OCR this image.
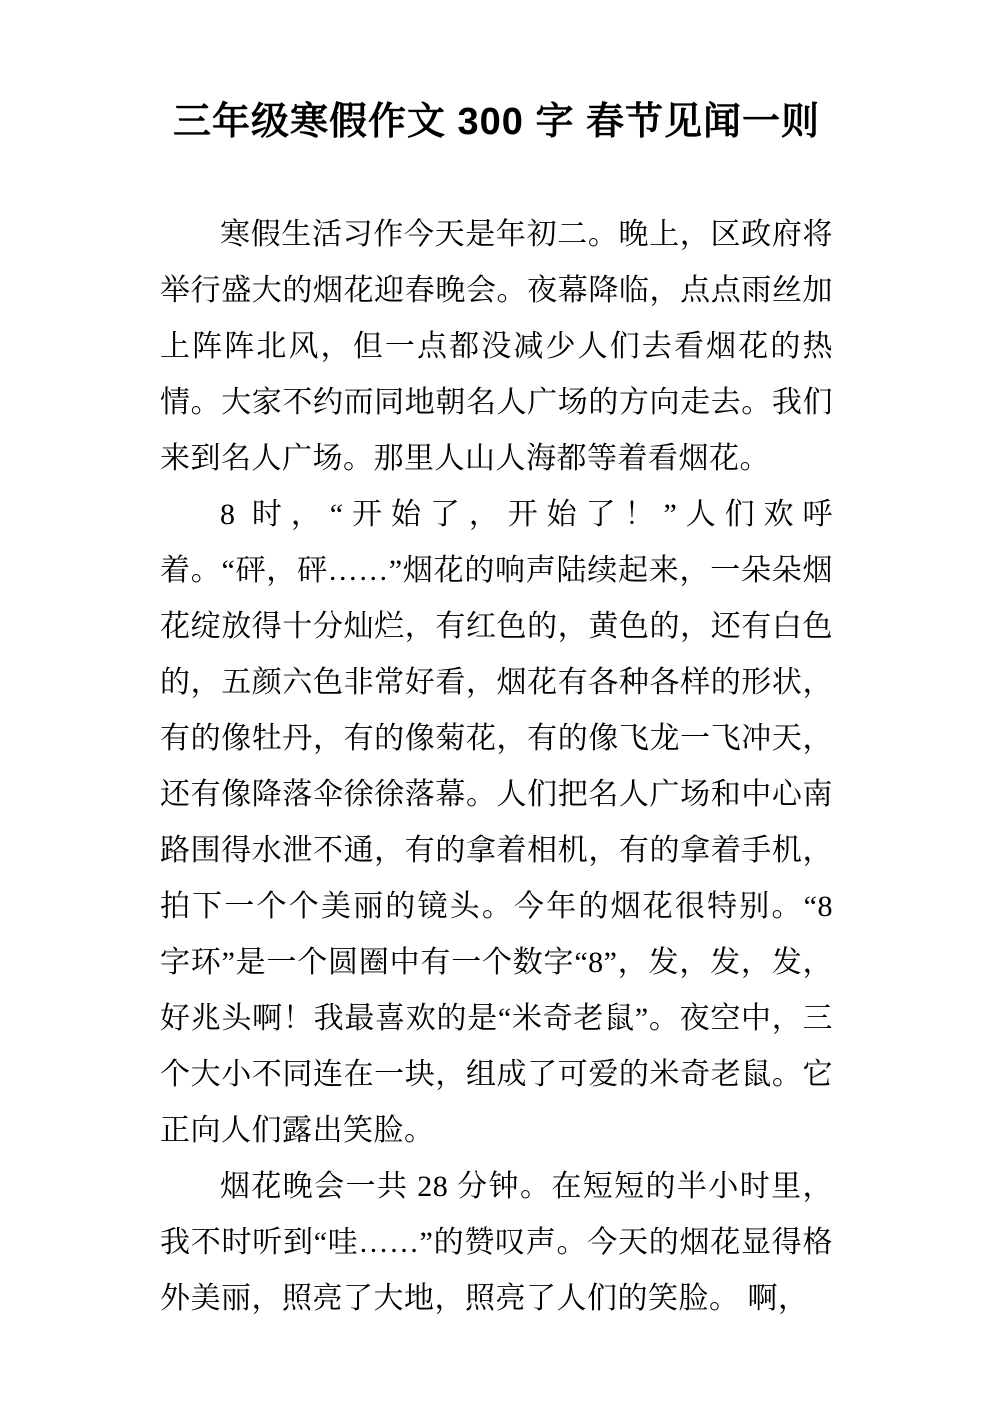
三年级寒假作文 300 字 春节见闻一则

寒假生活习作今天是年初二。晚上，区政府将举行盛大的烟花迎春晚会。夜幕降临，点点雨丝加上阵阵北风，但一点都没减少人们去看烟花的热情。大家不约而同地朝名人广场的方向走去。我们来到名人广场。那里人山人海都等着看烟花。

8 时，“开始了，开始了！”人们欢呼着。“砰，砰……”烟花的响声陆续起来，一朵朵烟花绽放得十分灿烂，有红色的，黄色的，还有白色的，五颜六色非常好看，烟花有各种各样的形状，有的像牡丹，有的像菊花，有的像飞龙一飞冲天，还有像降落伞徐徐落幕。人们把名人广场和中心南路围得水泄不通，有的拿着相机，有的拿着手机，拍下一个个美丽的镜头。今年的烟花很特别。“8 字环”是一个圆圈中有一个数字“8”，发，发，发，好兆头啊！我最喜欢的是“米奇老鼠”。夜空中，三个大小不同连在一块，组成了可爱的米奇老鼠。它正向人们露出笑脸。

烟花晚会一共 28 分钟。在短短的半小时里，我不时听到“哇……”的赞叹声。今天的烟花显得格外美丽，照亮了大地，照亮了人们的笑脸。 啊，
